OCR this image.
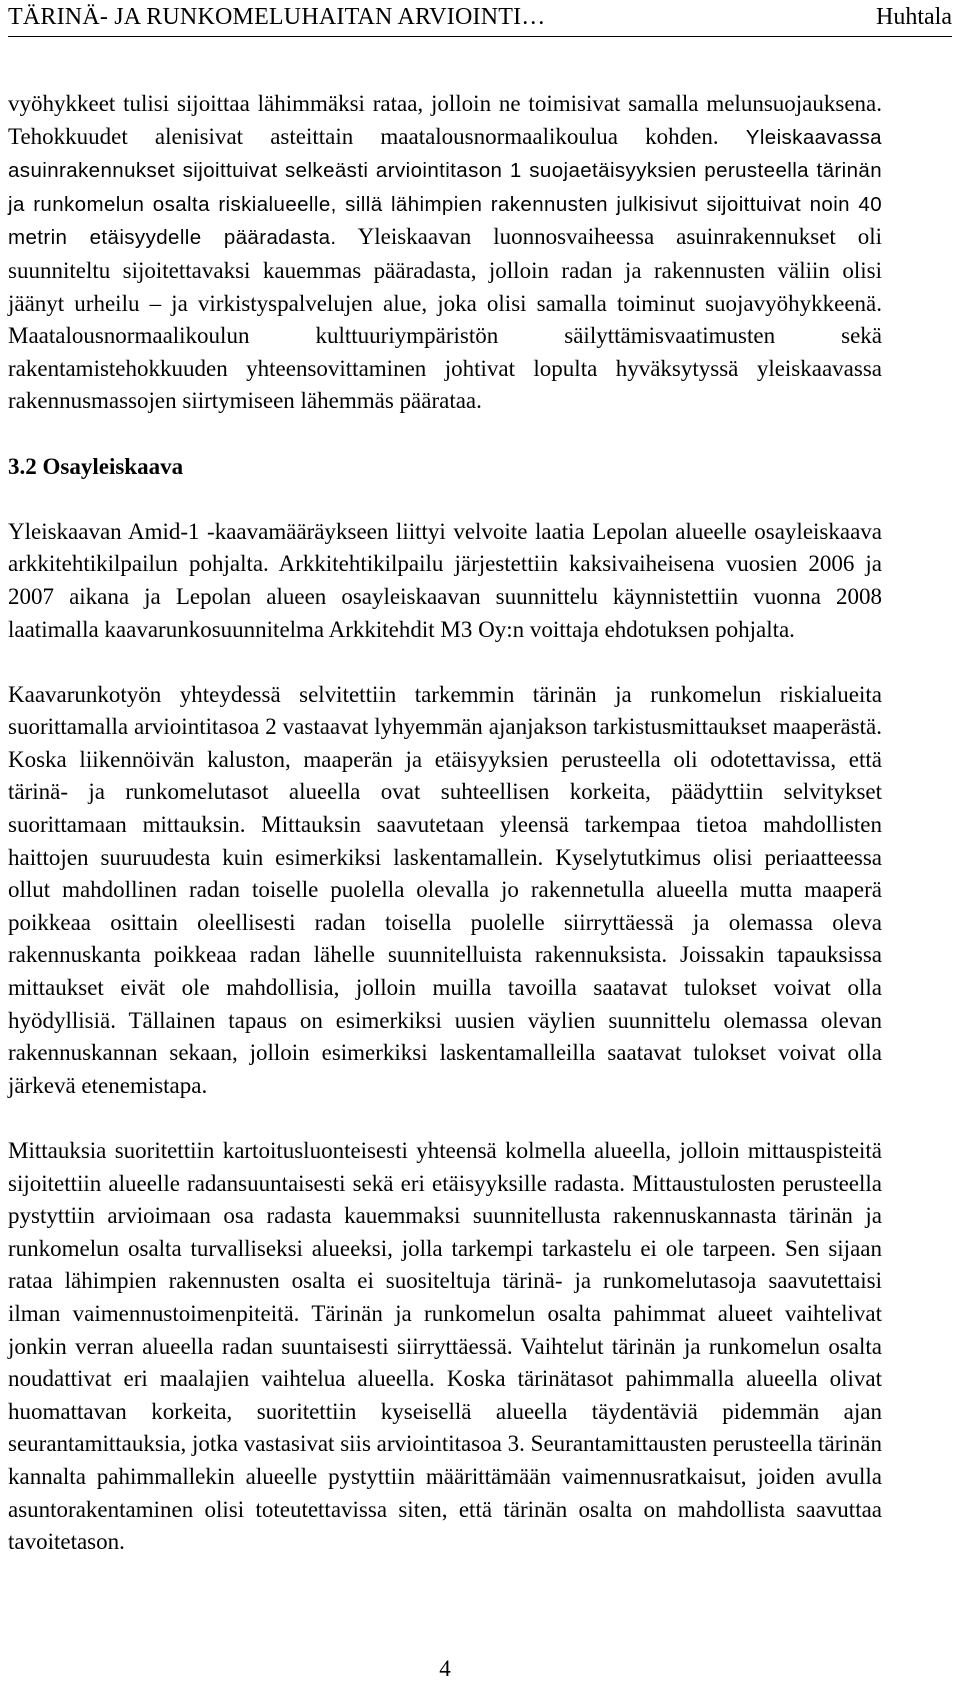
TÄRINÄ- JA RUNKOMELUHAITAN ARVIOINTI…	Huhtala

vyöhykkeet tulisi sijoittaa lähimmäksi rataa, jolloin ne toimisivat samalla melunsuojauksena. Tehokkuudet alenisivat asteittain maatalousnormaalikoulua kohden. Yleiskaavassa asuinrakennukset sijoittuivat selkeästi arviointitason 1 suojaetäisyyksien perusteella tärinän ja runkomelun osalta riskialueelle, sillä lähimpien rakennusten julkisivut sijoittuivat noin 40 metrin etäisyydelle pääradasta. Yleiskaavan luonnosvaiheessa asuinrakennukset oli suunniteltu sijoitettavaksi kauemmas pääradasta, jolloin radan ja rakennusten väliin olisi jäänyt urheilu – ja virkistyspalvelujen alue, joka olisi samalla toiminut suojavyöhykkeenä. Maatalousnormaalikoulun kulttuuriympäristön säilyttämisvaatimusten sekä rakentamistehokkuuden yhteensovittaminen johtivat lopulta hyväksytyssä yleiskaavassa rakennusmassojen siirtymiseen lähemmäs päärataa.

3.2 Osayleiskaava

Yleiskaavan Amid-1 -kaavamääräykseen liittyi velvoite laatia Lepolan alueelle osayleiskaava arkkitehtikilpailun pohjalta. Arkkitehtikilpailu järjestettiin kaksivaiheisena vuosien 2006 ja 2007 aikana ja Lepolan alueen osayleiskaavan suunnittelu käynnistettiin vuonna 2008 laatimalla kaavarunkosuunnitelma Arkkitehdit M3 Oy:n voittaja ehdotuksen pohjalta.

Kaavarunkotyön yhteydessä selvitettiin tarkemmin tärinän ja runkomelun riskialueita suorittamalla arviointitasoa 2 vastaavat lyhyemmän ajanjakson tarkistusmittaukset maaperästä. Koska liikennöivän kaluston, maaperän ja etäisyyksien perusteella oli odotettavissa, että tärinä- ja runkomelutasot alueella ovat suhteellisen korkeita, päädyttiin selvitykset suorittamaan mittauksin. Mittauksin saavutetaan yleensä tarkempaa tietoa mahdollisten haittojen suuruudesta kuin esimerkiksi laskentamallein. Kyselytutkimus olisi periaatteessa ollut mahdollinen radan toiselle puolella olevalla jo rakennetulla alueella mutta maaperä poikkeaa osittain oleellisesti radan toisella puolelle siirryttäessä ja olemassa oleva rakennuskanta poikkeaa radan lähelle suunnitelluista rakennuksista. Joissakin tapauksissa mittaukset eivät ole mahdollisia, jolloin muilla tavoilla saatavat tulokset voivat olla hyödyllisiä. Tällainen tapaus on esimerkiksi uusien väylien suunnittelu olemassa olevan rakennuskannan sekaan, jolloin esimerkiksi laskentamalleilla saatavat tulokset voivat olla järkevä etenemistapa.

Mittauksia suoritettiin kartoitusluonteisesti yhteensä kolmella alueella, jolloin mittauspisteitä sijoitettiin alueelle radansuuntaisesti sekä eri etäisyyksille radasta. Mittaustulosten perusteella pystyttiin arvioimaan osa radasta kauemmaksi suunnitellusta rakennuskannasta tärinän ja runkomelun osalta turvalliseksi alueeksi, jolla tarkempi tarkastelu ei ole tarpeen. Sen sijaan rataa lähimpien rakennusten osalta ei suositeltuja tärinä- ja runkomelutasoja saavutettaisi ilman vaimennustoimenpiteitä. Tärinän ja runkomelun osalta pahimmat alueet vaihtelivat jonkin verran alueella radan suuntaisesti siirryttäessä. Vaihtelut tärinän ja runkomelun osalta noudattivat eri maalajien vaihtelua alueella. Koska tärinätasot pahimmalla alueella olivat huomattavan korkeita, suoritettiin kyseisellä alueella täydentäviä pidemmän ajan seurantamittauksia, jotka vastasivat siis arviointitasoa 3. Seurantamittausten perusteella tärinän kannalta pahimmallekin alueelle pystyttiin määrittämään vaimennusratkaisut, joiden avulla asuntorakentaminen olisi toteutettavissa siten, että tärinän osalta on mahdollista saavuttaa tavoitetason.

4
